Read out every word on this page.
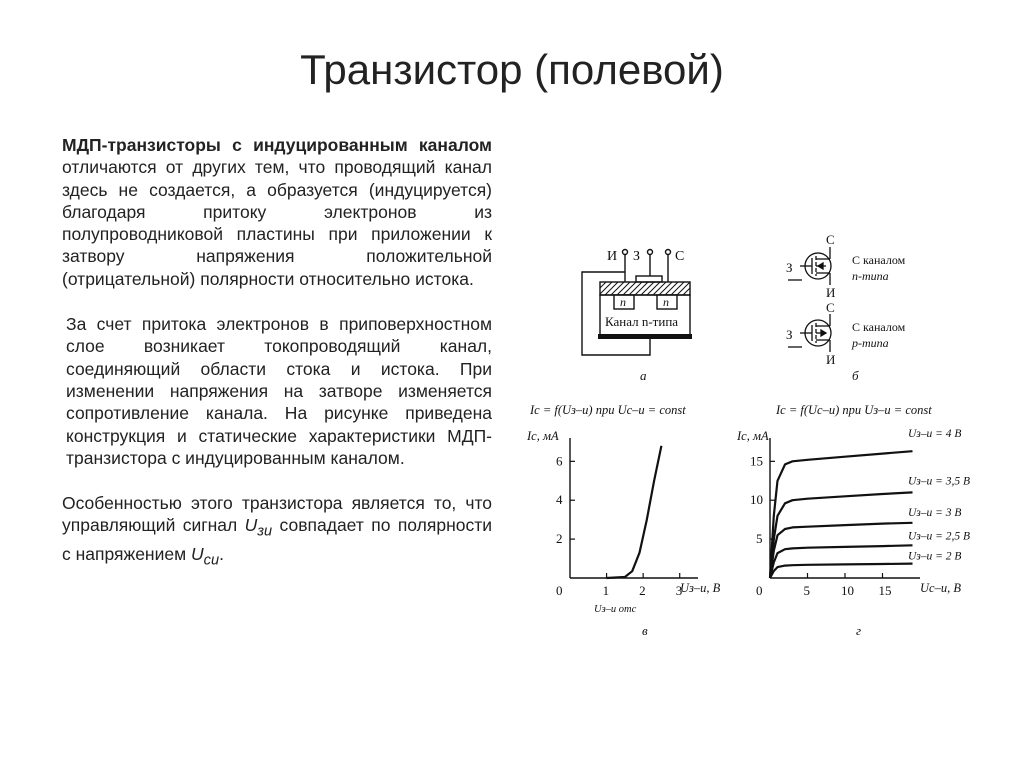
Транзистор (полевой)

МДП-транзисторы с индуцированным каналом отличаются от других тем, что проводящий канал здесь не создается, а образуется (индуцируется) благодаря притоку электронов из полупроводниковой пластины при приложении к затвору напряжения положительной (отрицательной) полярности относительно истока.

За счет притока электронов в приповерхностном слое возникает токопроводящий канал, соединяющий области стока и истока. При изменении напряжения на затворе изменяется сопротивление канала. На рисунке приведена конструкция и статические характеристики МДП-транзистора с индуцированным каналом.

Особенностью этого транзистора является то, что управляющий сигнал $U_{зи}$ совпадает по полярности с напряжением $U_{си}$.

И З С
n	n
Канал n-типа
а
С
З
И
С каналом
n-типа
С
З
И
С каналом
p-типа
б
Iс = f(Uз–и) при Uс–и = const
Iс, мА
Uз–и, В
Uз–и отс
в
0	1 2 3
2
4
6
Iс = f(Uс–и) при Uз–и = const
Iс, мА
Uс–и, В
г
0	5 10 15
5
10
15
Uз–и = 4 В
Uз–и = 3,5 В
Uз–и = 3 В
Uз–и = 2,5 В
Uз–и = 2 В
